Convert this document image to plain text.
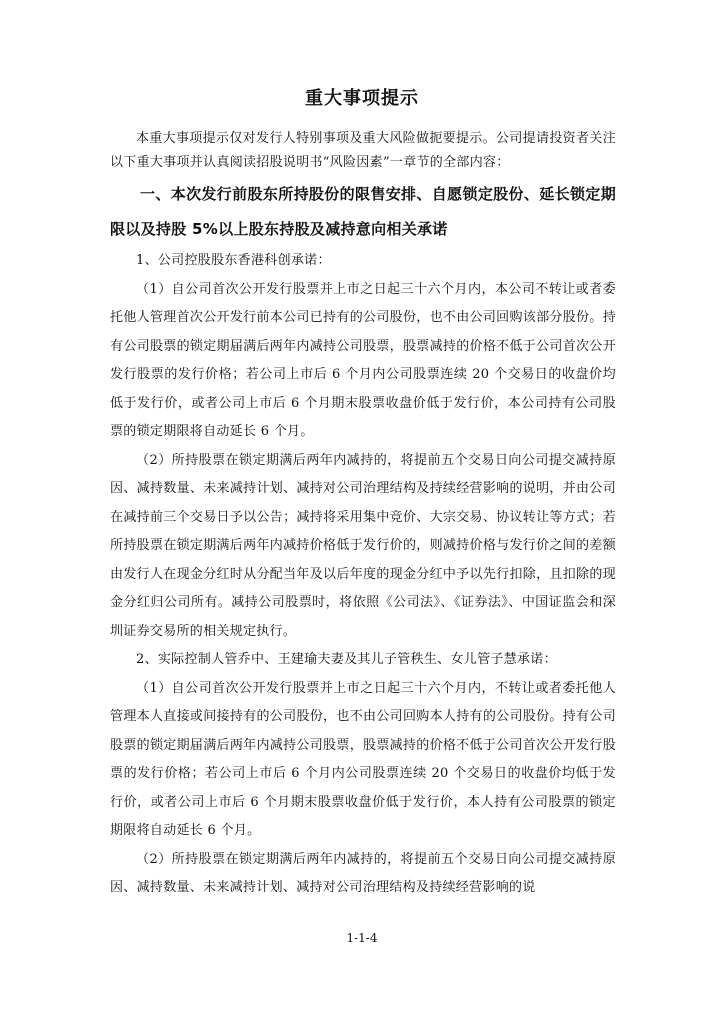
重大事项提示

本重大事项提示仅对发行人特别事项及重大风险做扼要提示。公司提请投资者关注以下重大事项并认真阅读招股说明书“风险因素”一章节的全部内容：

一、本次发行前股东所持股份的限售安排、自愿锁定股份、延长锁定期限以及持股 5%以上股东持股及减持意向相关承诺

1、公司控股股东香港科创承诺：

（1）自公司首次公开发行股票并上市之日起三十六个月内，本公司不转让或者委托他人管理首次公开发行前本公司已持有的公司股份，也不由公司回购该部分股份。持有公司股票的锁定期届满后两年内减持公司股票，股票减持的价格不低于公司首次公开发行股票的发行价格；若公司上市后 6 个月内公司股票连续 20 个交易日的收盘价均低于发行价，或者公司上市后 6 个月期末股票收盘价低于发行价，本公司持有公司股票的锁定期限将自动延长 6 个月。

（2）所持股票在锁定期满后两年内减持的，将提前五个交易日向公司提交减持原因、减持数量、未来减持计划、减持对公司治理结构及持续经营影响的说明，并由公司在减持前三个交易日予以公告；减持将采用集中竞价、大宗交易、协议转让等方式；若所持股票在锁定期满后两年内减持价格低于发行价的，则减持价格与发行价之间的差额由发行人在现金分红时从分配当年及以后年度的现金分红中予以先行扣除，且扣除的现金分红归公司所有。减持公司股票时，将依照《公司法》、《证券法》、中国证监会和深圳证券交易所的相关规定执行。

2、实际控制人管乔中、王建瑜夫妻及其儿子管秩生、女儿管子慧承诺：

（1）自公司首次公开发行股票并上市之日起三十六个月内，不转让或者委托他人管理本人直接或间接持有的公司股份，也不由公司回购本人持有的公司股份。持有公司股票的锁定期届满后两年内减持公司股票，股票减持的价格不低于公司首次公开发行股票的发行价格；若公司上市后 6 个月内公司股票连续 20 个交易日的收盘价均低于发行价，或者公司上市后 6 个月期末股票收盘价低于发行价，本人持有公司股票的锁定期限将自动延长 6 个月。

（2）所持股票在锁定期满后两年内减持的，将提前五个交易日向公司提交减持原因、减持数量、未来减持计划、减持对公司治理结构及持续经营影响的说

1-1-4
